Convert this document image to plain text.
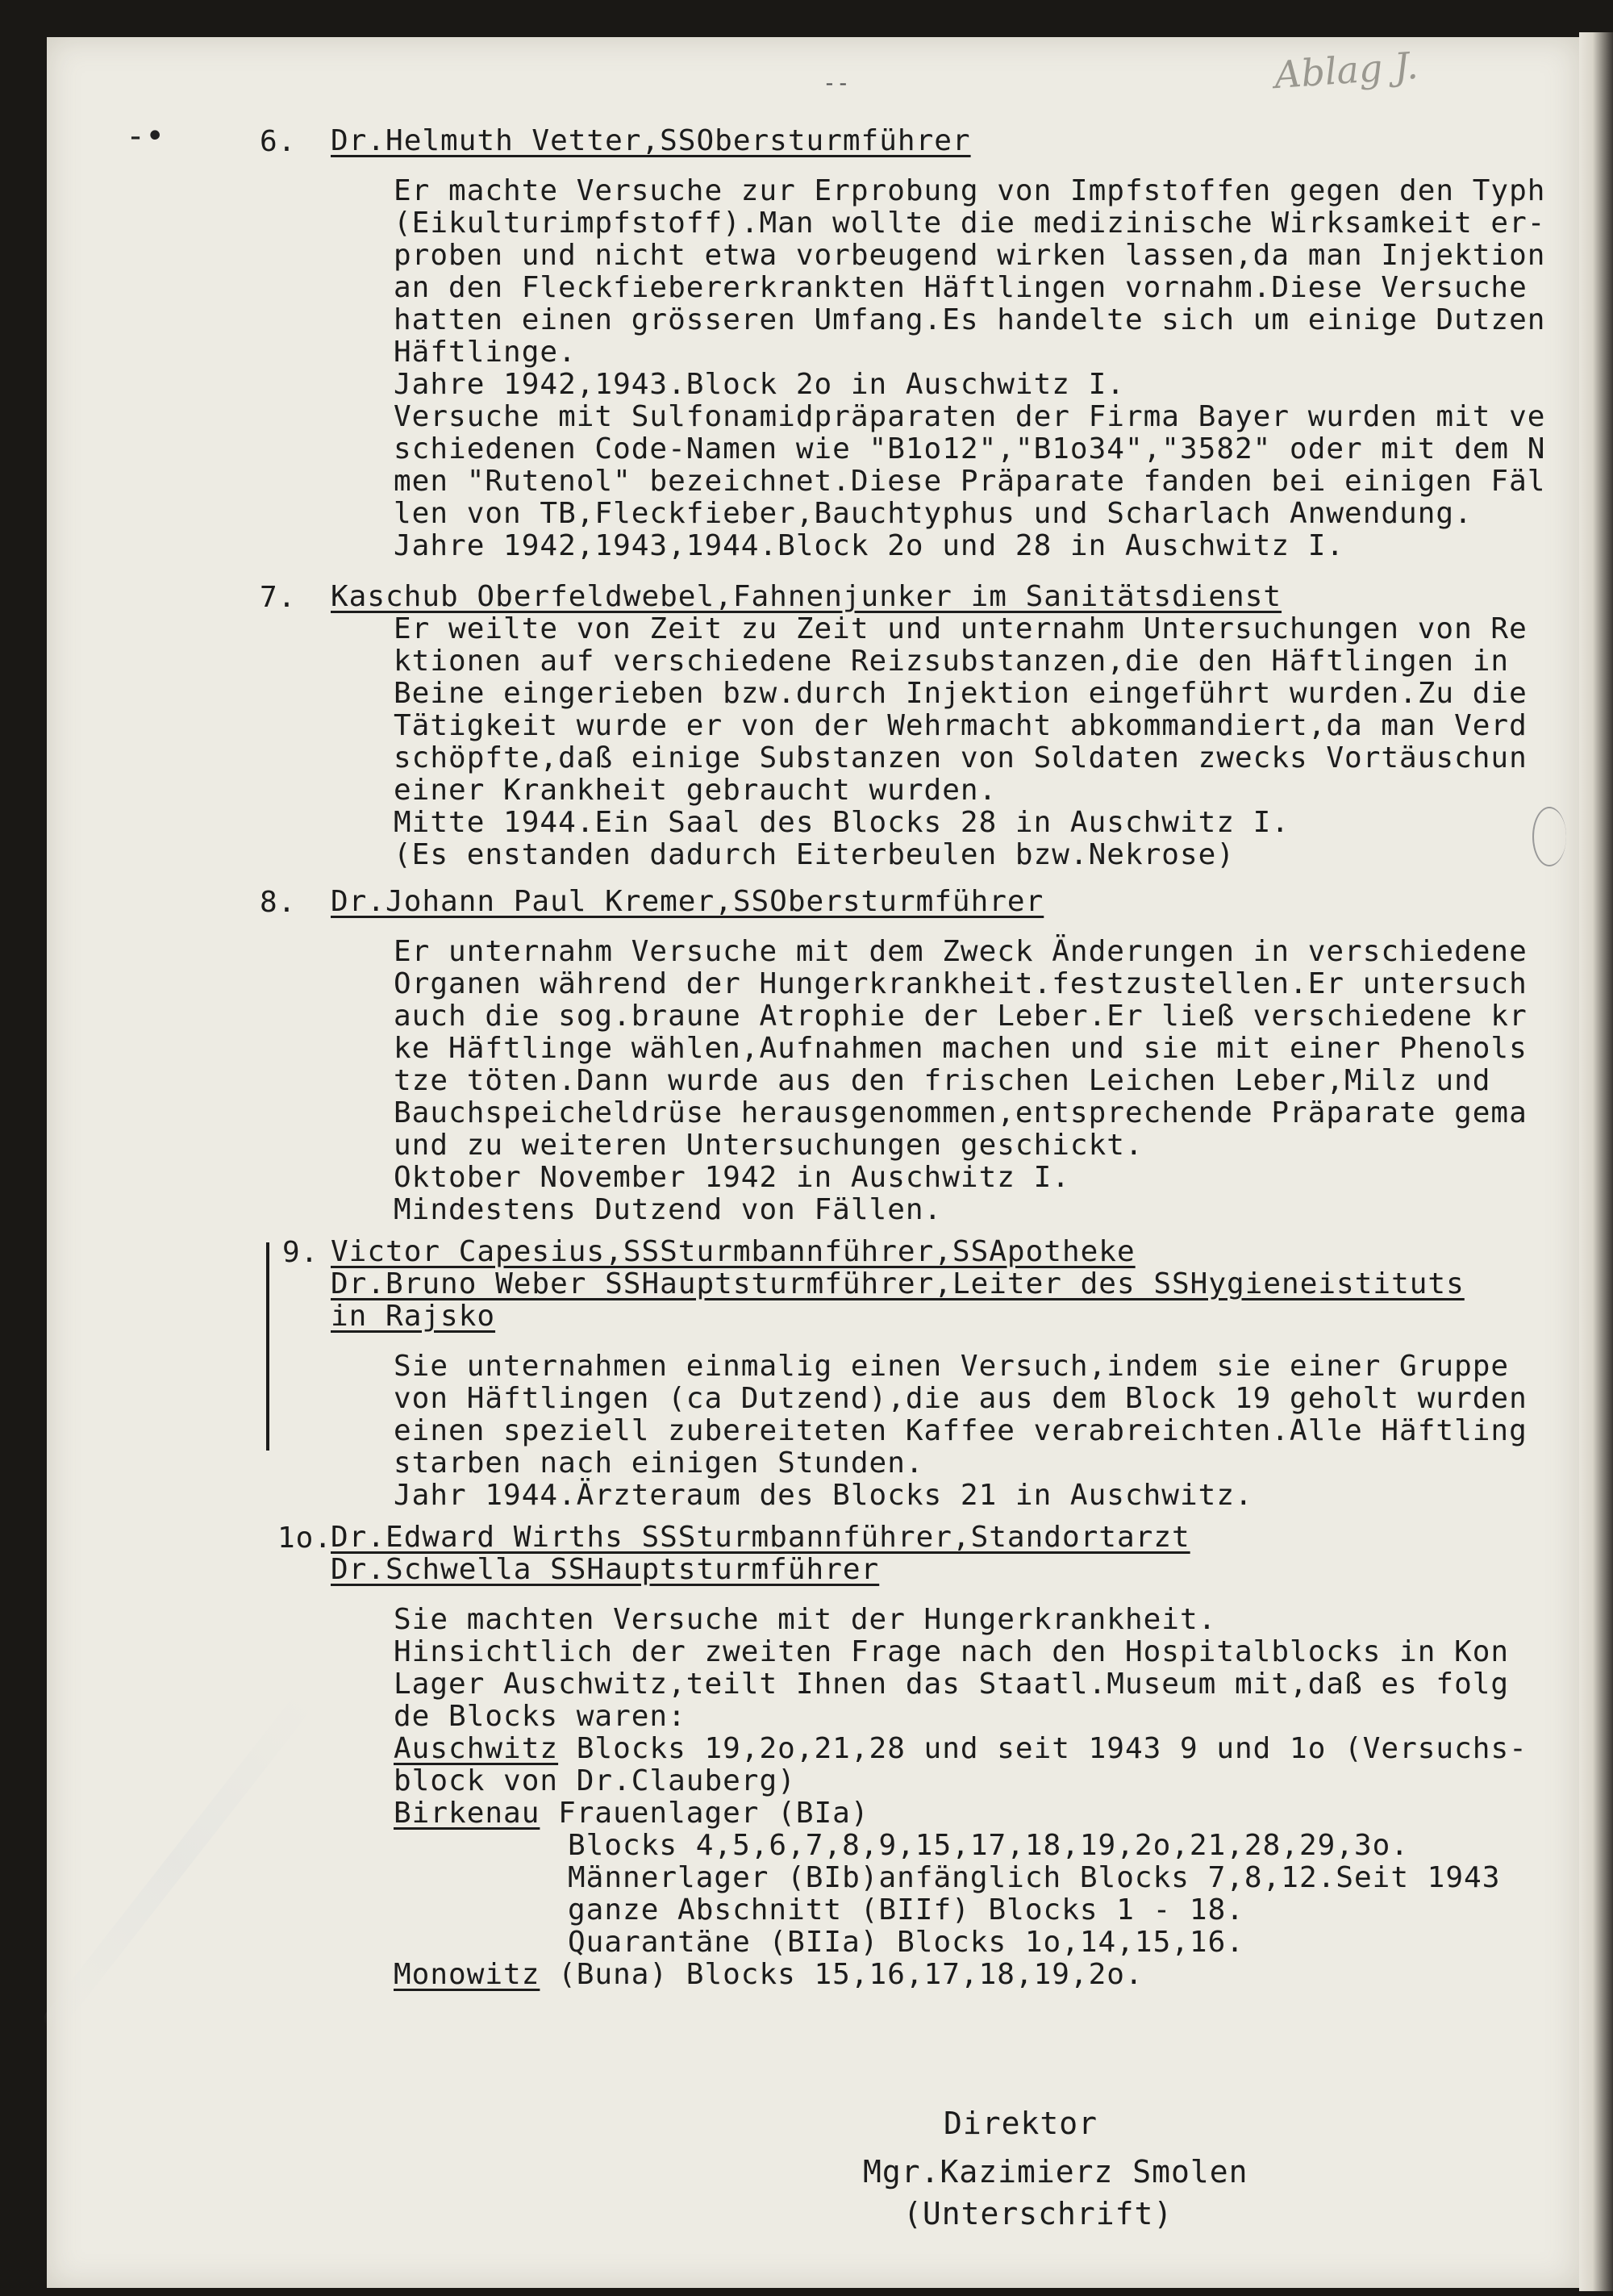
Ablag J.
-‐
-•	6. Dr.Helmuth Vetter,SSObersturmführer
Er machte Versuche zur Erprobung von Impfstoffen gegen den Typh
(Eikulturimpfstoff).Man wollte die medizinische Wirksamkeit er-
proben und nicht etwa vorbeugend wirken lassen,da man Injektion
an den Fleckfiebererkrankten Häftlingen vornahm.Diese Versuche
hatten einen grösseren Umfang.Es handelte sich um einige Dutzen
Häftlinge.
Jahre 1942,1943.Block 2o in Auschwitz I.
Versuche mit Sulfonamidpräparaten der Firma Bayer wurden mit ve
schiedenen Code-Namen wie "B1o12","B1o34","3582" oder mit dem N
men "Rutenol" bezeichnet.Diese Präparate fanden bei einigen Fäl
len von TB,Fleckfieber,Bauchtyphus und Scharlach Anwendung.
Jahre 1942,1943,1944.Block 2o und 28 in Auschwitz I.
7. Kaschub Oberfeldwebel,Fahnenjunker im Sanitätsdienst
Er weilte von Zeit zu Zeit und unternahm Untersuchungen von Re
ktionen auf verschiedene Reizsubstanzen,die den Häftlingen in
Beine eingerieben bzw.durch Injektion eingeführt wurden.Zu die
Tätigkeit wurde er von der Wehrmacht abkommandiert,da man Verd
schöpfte,daß einige Substanzen von Soldaten zwecks Vortäuschun
einer Krankheit gebraucht wurden.
Mitte 1944.Ein Saal des Blocks 28 in Auschwitz I.
(Es enstanden dadurch Eiterbeulen bzw.Nekrose)
8. Dr.Johann Paul Kremer,SSObersturmführer
Er unternahm Versuche mit dem Zweck Änderungen in verschiedene
Organen während der Hungerkrankheit.festzustellen.Er untersuch
auch die sog.braune Atrophie der Leber.Er ließ verschiedene kr
ke Häftlinge wählen,Aufnahmen machen und sie mit einer Phenols
tze töten.Dann wurde aus den frischen Leichen Leber,Milz und
Bauchspeicheldrüse herausgenommen,entsprechende Präparate gema
und zu weiteren Untersuchungen geschickt.
Oktober November 1942 in Auschwitz I.
Mindestens Dutzend von Fällen.
9. Victor Capesius,SSSturmbannführer,SSApotheke
Dr.Bruno Weber SSHauptsturmführer,Leiter des SSHygieneistituts
in Rajsko
Sie unternahmen einmalig einen Versuch,indem sie einer Gruppe
von Häftlingen (ca Dutzend),die aus dem Block 19 geholt wurden
einen speziell zubereiteten Kaffee verabreichten.Alle Häftling
starben nach einigen Stunden.
Jahr 1944.Ärzteraum des Blocks 21 in Auschwitz.
1o.
Dr.Edward Wirths SSSturmbannführer,Standortarzt
Dr.Schwella SSHauptsturmführer
Sie machten Versuche mit der Hungerkrankheit.
Hinsichtlich der zweiten Frage nach den Hospitalblocks in Kon
Lager Auschwitz,teilt Ihnen das Staatl.Museum mit,daß es folg
de Blocks waren:
Auschwitz Blocks 19,2o,21,28 und seit 1943 9 und 1o (Versuchs-
block von Dr.Clauberg)
Birkenau Frauenlager (BIa)
Blocks 4,5,6,7,8,9,15,17,18,19,2o,21,28,29,3o.
Männerlager (BIb)anfänglich Blocks 7,8,12.Seit 1943
ganze Abschnitt (BIIf) Blocks 1 - 18.
Quarantäne (BIIa) Blocks 1o,14,15,16.
Monowitz (Buna) Blocks 15,16,17,18,19,2o.
Direktor
Mgr.Kazimierz Smolen
(Unterschrift)
